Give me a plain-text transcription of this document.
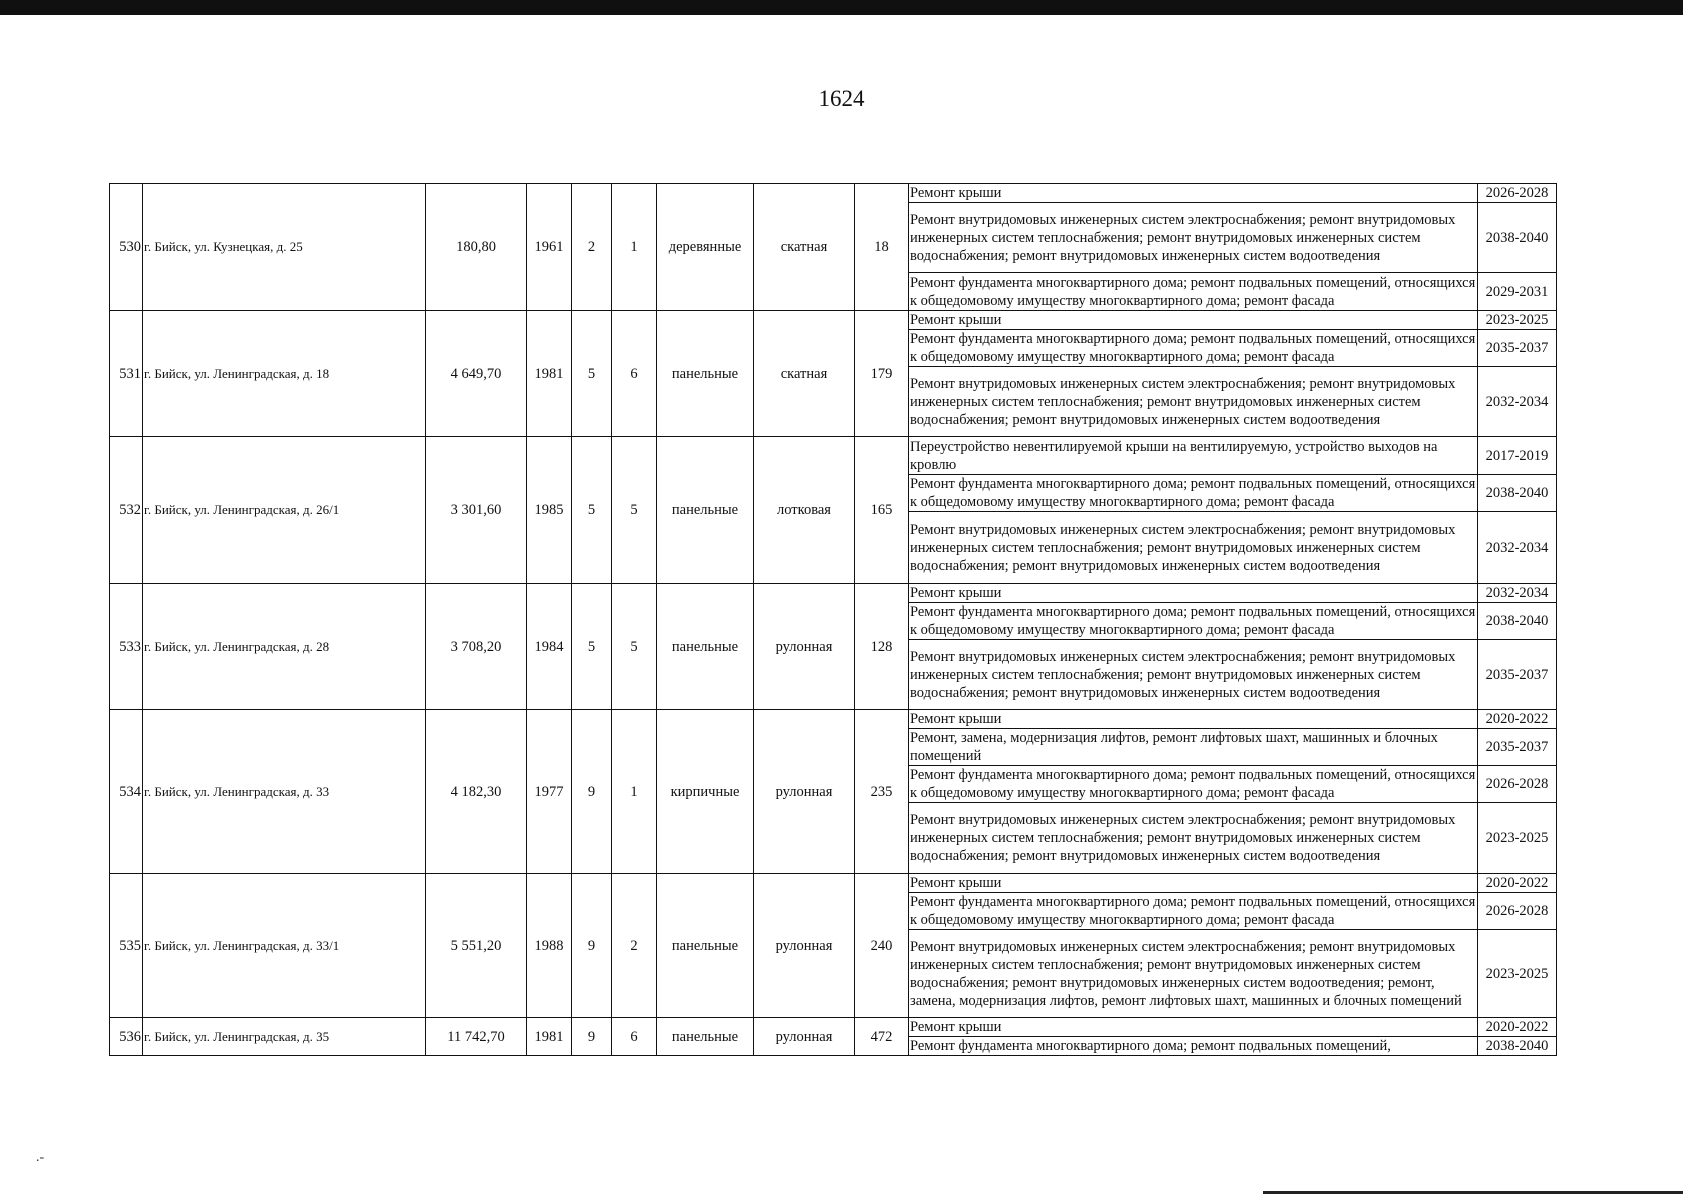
1624
530	г. Бийск, ул. Кузнецкая, д. 25	180,80	1961	2	1	деревянные	скатная	18	Ремонт крыши	2026-2028
									Ремонт внутридомовых инженерных систем электроснабжения; ремонт внутридомовых инженерных систем теплоснабжения; ремонт внутридомовых инженерных систем водоснабжения; ремонт внутридомовых инженерных систем водоотведения	2038-2040
									Ремонт фундамента многоквартирного дома; ремонт подвальных помещений, относящихся к общедомовому имуществу многоквартирного дома; ремонт фасада	2029-2031
531	г. Бийск, ул. Ленинградская, д. 18	4 649,70	1981	5	6	панельные	скатная	179	Ремонт крыши	2023-2025
									Ремонт фундамента многоквартирного дома; ремонт подвальных помещений, относящихся к общедомовому имуществу многоквартирного дома; ремонт фасада	2035-2037
									Ремонт внутридомовых инженерных систем электроснабжения; ремонт внутридомовых инженерных систем теплоснабжения; ремонт внутридомовых инженерных систем водоснабжения; ремонт внутридомовых инженерных систем водоотведения	2032-2034
532	г. Бийск, ул. Ленинградская, д. 26/1	3 301,60	1985	5	5	панельные	лотковая	165	Переустройство невентилируемой крыши на вентилируемую, устройство выходов на кровлю	2017-2019
									Ремонт фундамента многоквартирного дома; ремонт подвальных помещений, относящихся к общедомовому имуществу многоквартирного дома; ремонт фасада	2038-2040
									Ремонт внутридомовых инженерных систем электроснабжения; ремонт внутридомовых инженерных систем теплоснабжения; ремонт внутридомовых инженерных систем водоснабжения; ремонт внутридомовых инженерных систем водоотведения	2032-2034
533	г. Бийск, ул. Ленинградская, д. 28	3 708,20	1984	5	5	панельные	рулонная	128	Ремонт крыши	2032-2034
									Ремонт фундамента многоквартирного дома; ремонт подвальных помещений, относящихся к общедомовому имуществу многоквартирного дома; ремонт фасада	2038-2040
									Ремонт внутридомовых инженерных систем электроснабжения; ремонт внутридомовых инженерных систем теплоснабжения; ремонт внутридомовых инженерных систем водоснабжения; ремонт внутридомовых инженерных систем водоотведения	2035-2037
534	г. Бийск, ул. Ленинградская, д. 33	4 182,30	1977	9	1	кирпичные	рулонная	235	Ремонт крыши	2020-2022
									Ремонт, замена, модернизация лифтов, ремонт лифтовых шахт, машинных и блочных помещений	2035-2037
									Ремонт фундамента многоквартирного дома; ремонт подвальных помещений, относящихся к общедомовому имуществу многоквартирного дома; ремонт фасада	2026-2028
									Ремонт внутридомовых инженерных систем электроснабжения; ремонт внутридомовых инженерных систем теплоснабжения; ремонт внутридомовых инженерных систем водоснабжения; ремонт внутридомовых инженерных систем водоотведения	2023-2025
535	г. Бийск, ул. Ленинградская, д. 33/1	5 551,20	1988	9	2	панельные	рулонная	240	Ремонт крыши	2020-2022
									Ремонт фундамента многоквартирного дома; ремонт подвальных помещений, относящихся к общедомовому имуществу многоквартирного дома; ремонт фасада	2026-2028
									Ремонт внутридомовых инженерных систем электроснабжения; ремонт внутридомовых инженерных систем теплоснабжения; ремонт внутридомовых инженерных систем водоснабжения; ремонт внутридомовых инженерных систем водоотведения; ремонт, замена, модернизация лифтов, ремонт лифтовых шахт, машинных и блочных помещений	2023-2025
536	г. Бийск, ул. Ленинградская, д. 35	11 742,70	1981	9	6	панельные	рулонная	472	Ремонт крыши	2020-2022
									Ремонт фундамента многоквартирного дома; ремонт подвальных помещений,	2038-2040
.-
